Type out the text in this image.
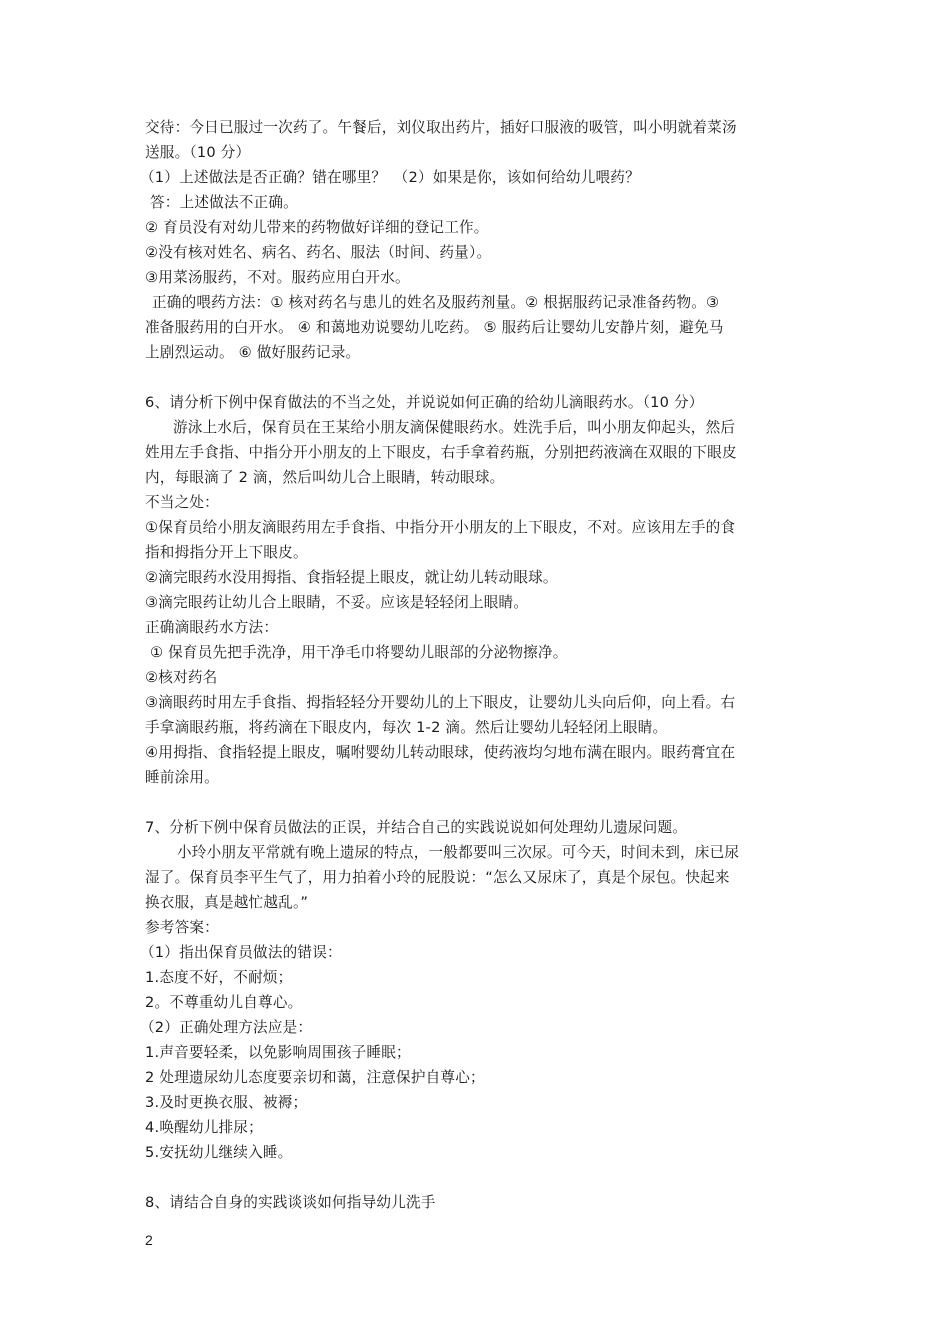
交待：今日已服过一次药了。午餐后，刘仪取出药片，插好口服液的吸管，叫小明就着菜汤
送服。（10 分）
（1）上述做法是否正确？错在哪里？　（2）如果是你，该如何给幼儿喂药？
答：上述做法不正确。
② 育员没有对幼儿带来的药物做好详细的登记工作。
②没有核对姓名、病名、药名、服法（时间、药量）。
③用菜汤服药，不对。服药应用白开水。
正确的喂药方法：① 核对药名与患儿的姓名及服药剂量。② 根据服药记录准备药物。③
准备服药用的白开水。 ④ 和蔼地劝说婴幼儿吃药。 ⑤ 服药后让婴幼儿安静片刻，避免马
上剧烈运动。 ⑥ 做好服药记录。
6、请分析下例中保育做法的不当之处，并说说如何正确的给幼儿滴眼药水。（10 分）
游泳上水后，保育员在王某给小朋友滴保健眼药水。姓洗手后，叫小朋友仰起头，然后
姓用左手食指、中指分开小朋友的上下眼皮，右手拿着药瓶，分别把药液滴在双眼的下眼皮
内，每眼滴了 2 滴，然后叫幼儿合上眼睛，转动眼球。
不当之处：
①保育员给小朋友滴眼药用左手食指、中指分开小朋友的上下眼皮，不对。应该用左手的食
指和拇指分开上下眼皮。
②滴完眼药水没用拇指、食指轻提上眼皮，就让幼儿转动眼球。
③滴完眼药让幼儿合上眼睛，不妥。应该是轻轻闭上眼睛。
正确滴眼药水方法：
① 保育员先把手洗净，用干净毛巾将婴幼儿眼部的分泌物擦净。
②核对药名
③滴眼药时用左手食指、拇指轻轻分开婴幼儿的上下眼皮，让婴幼儿头向后仰，向上看。右
手拿滴眼药瓶，将药滴在下眼皮内，每次 1-2 滴。然后让婴幼儿轻轻闭上眼睛。
④用拇指、食指轻提上眼皮，嘱咐婴幼儿转动眼球，使药液均匀地布满在眼内。眼药膏宜在
睡前涂用。
7、分析下例中保育员做法的正误，并结合自己的实践说说如何处理幼儿遗尿问题。
小玲小朋友平常就有晚上遗尿的特点，一般都要叫三次尿。可今天，时间未到，床已尿
湿了。保育员李平生气了，用力拍着小玲的屁股说：“怎么又尿床了，真是个尿包。快起来
换衣服，真是越忙越乱。”
参考答案：
（1）指出保育员做法的错误：
1.态度不好，不耐烦；
2。不尊重幼儿自尊心。
（2）正确处理方法应是：
1.声音要轻柔，以免影响周围孩子睡眠；
2 处理遗尿幼儿态度要亲切和蔼，注意保护自尊心；
3.及时更换衣服、被褥；
4.唤醒幼儿排尿；
5.安抚幼儿继续入睡。
8、请结合自身的实践谈谈如何指导幼儿洗手
2
